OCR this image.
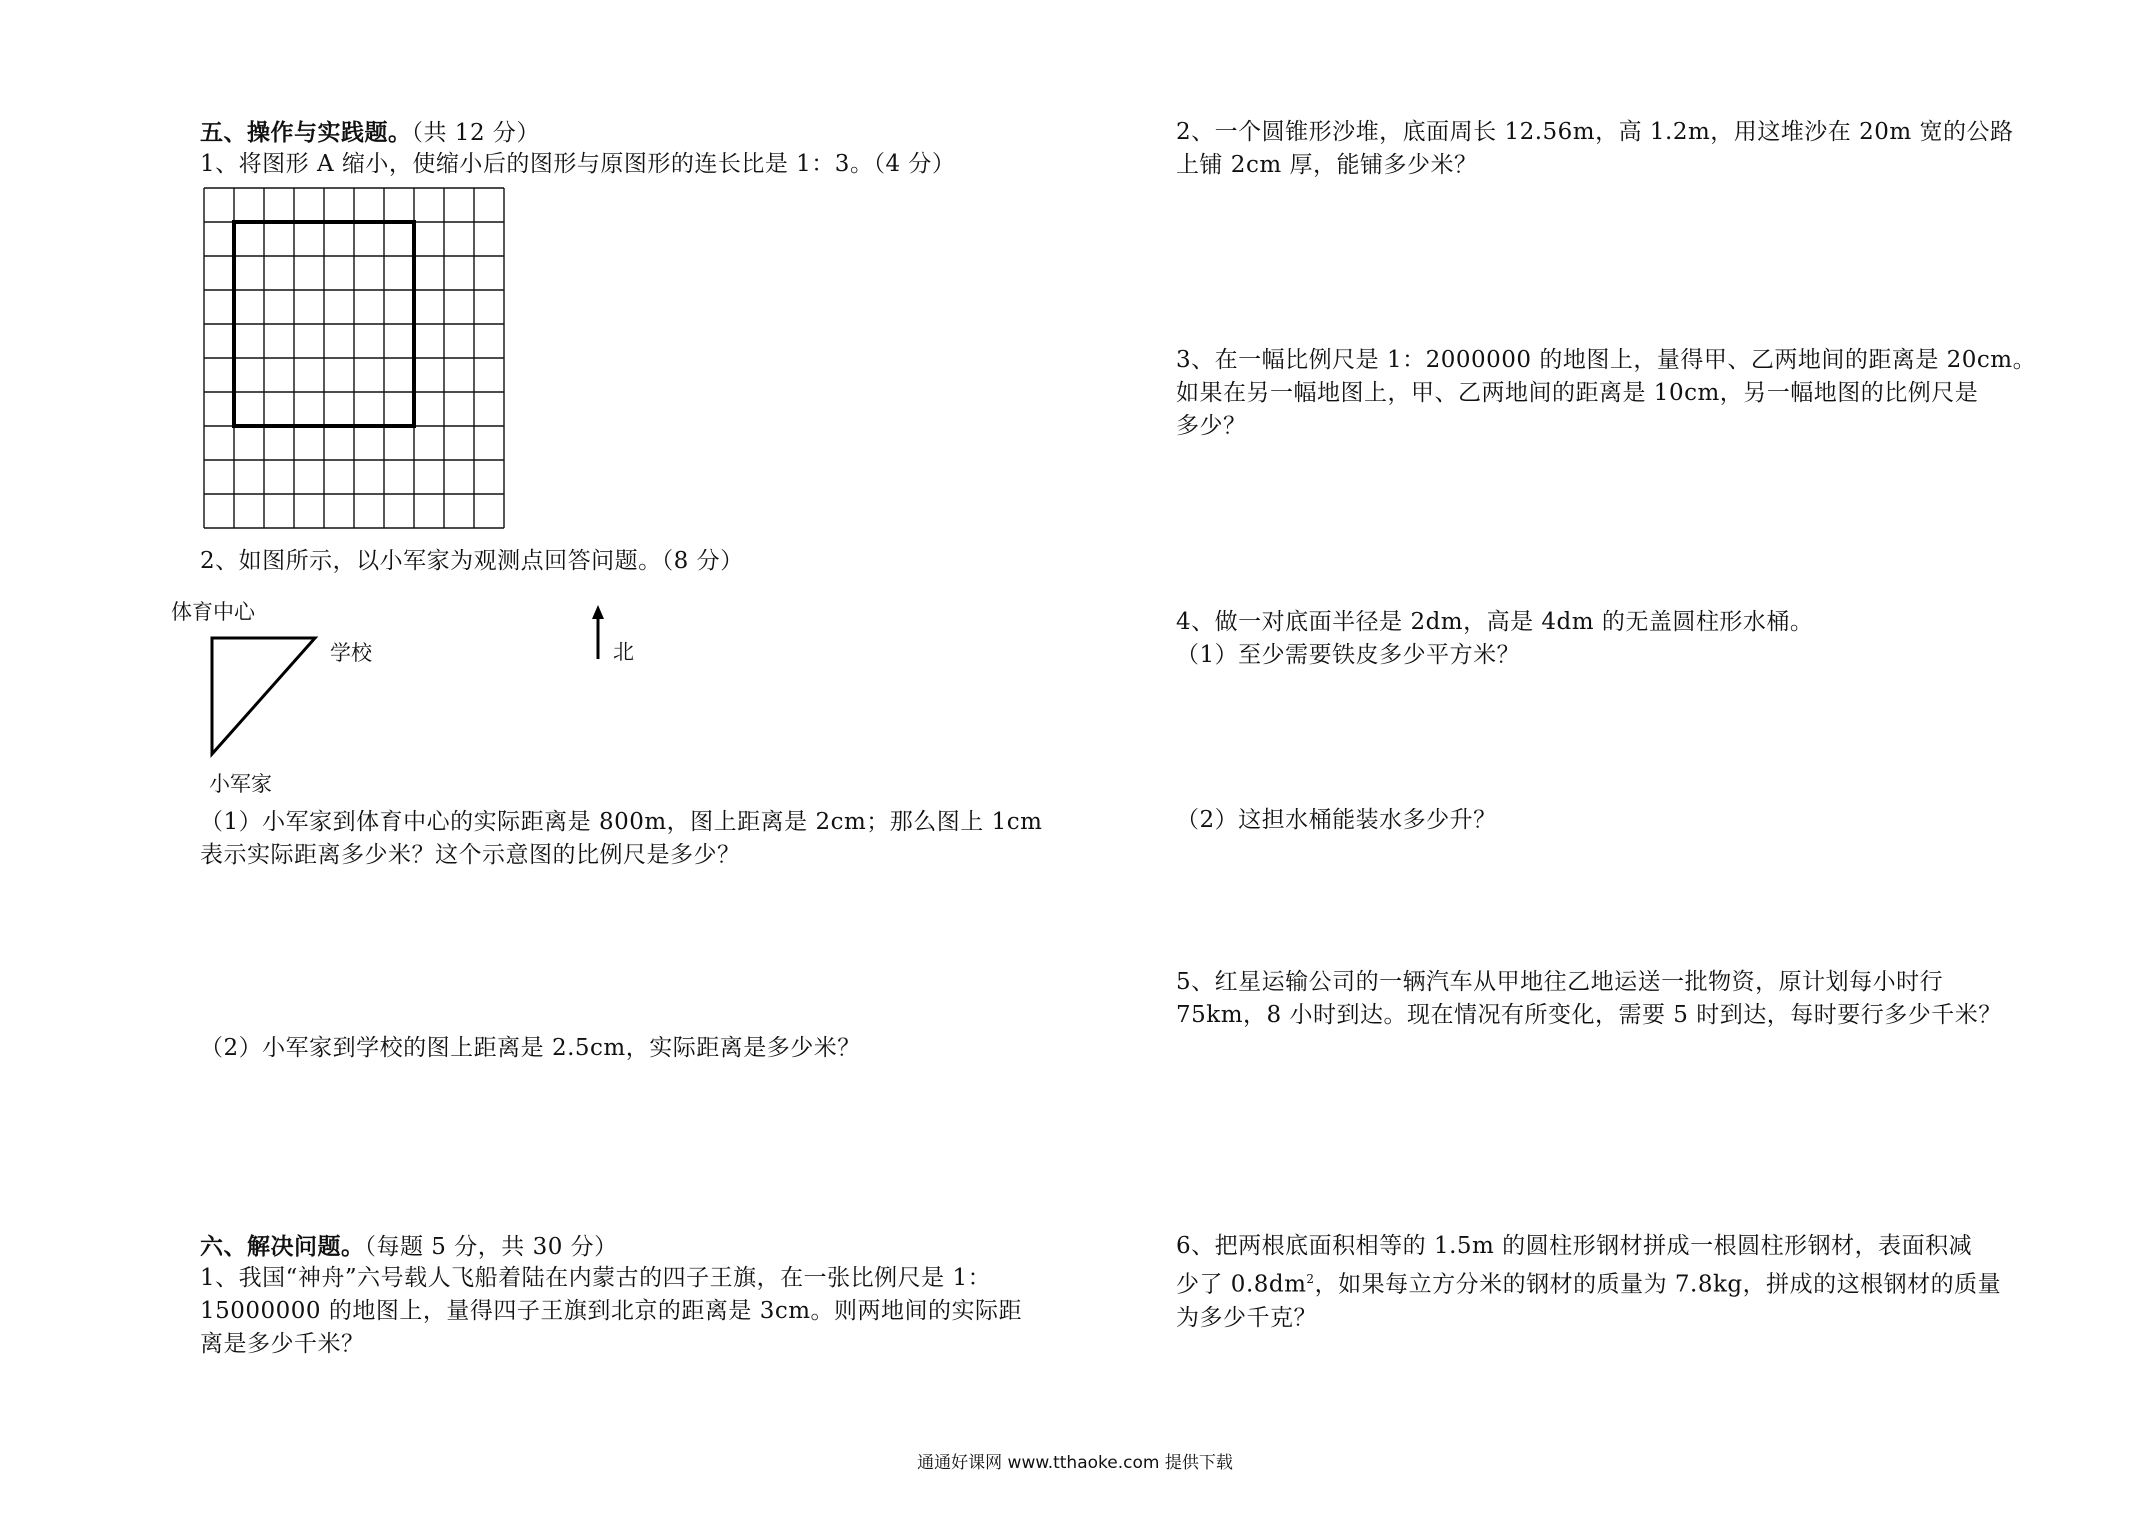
五、操作与实践题。（共 12 分）
1、将图形 A 缩小，使缩小后的图形与原图形的连长比是 1：3。（4 分）
2、如图所示，以小军家为观测点回答问题。（8 分）
体育中心
学校
小军家
北
（1）小军家到体育中心的实际距离是 800m，图上距离是 2cm；那么图上 1cm
表示实际距离多少米？这个示意图的比例尺是多少？
（2）小军家到学校的图上距离是 2.5cm，实际距离是多少米？
六、解决问题。（每题 5 分，共 30 分）
1、我国“神舟”六号载人飞船着陆在内蒙古的四子王旗，在一张比例尺是 1：
15000000 的地图上，量得四子王旗到北京的距离是 3cm。则两地间的实际距
离是多少千米？
2、一个圆锥形沙堆，底面周长 12.56m，高 1.2m，用这堆沙在 20m 宽的公路
上铺 2cm 厚，能铺多少米？
3、在一幅比例尺是 1：2000000 的地图上，量得甲、乙两地间的距离是 20cm。
如果在另一幅地图上，甲、乙两地间的距离是 10cm，另一幅地图的比例尺是
多少？
4、做一对底面半径是 2dm，高是 4dm 的无盖圆柱形水桶。
（1）至少需要铁皮多少平方米？
（2）这担水桶能装水多少升？
5、红星运输公司的一辆汽车从甲地往乙地运送一批物资，原计划每小时行
75km，8 小时到达。现在情况有所变化，需要 5 时到达，每时要行多少千米？
6、把两根底面积相等的 1.5m 的圆柱形钢材拼成一根圆柱形钢材，表面积减
少了 $0.8dm^2$，如果每立方分米的钢材的质量为 7.8kg，拼成的这根钢材的质量
为多少千克？
通通好课网 www.tthaoke.com 提供下载
